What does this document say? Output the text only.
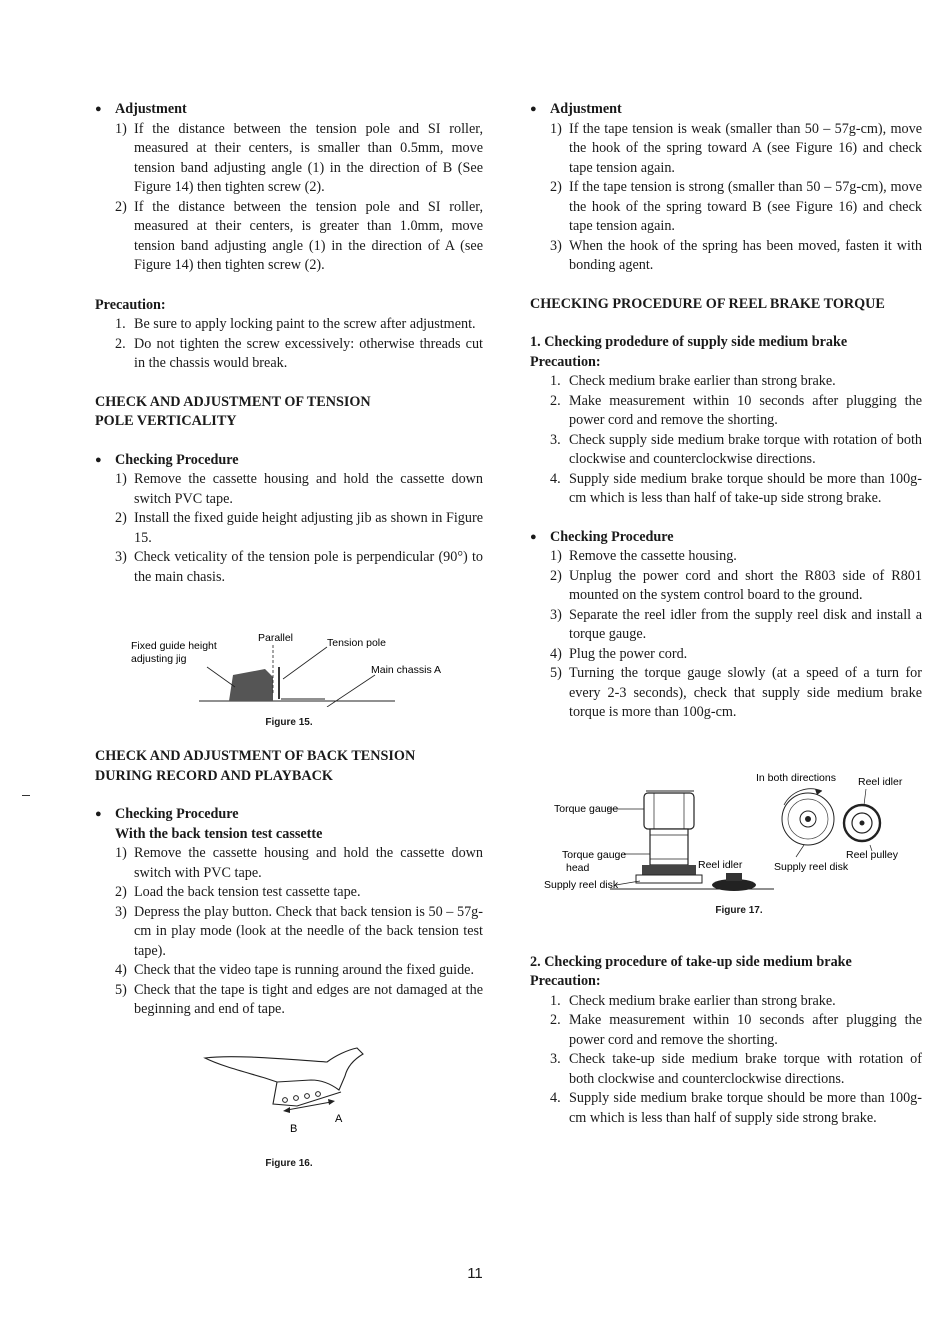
● Adjustment

1) If the distance between the tension pole and SI roller, measured at their centers, is smaller than 0.5mm, move tension band adjusting angle (1) in the direction of B (See Figure 14) then tighten screw (2).
2) If the distance between the tension pole and SI roller, measured at their centers, is greater than 1.0mm, move tension band adjusting angle (1) in the direction of A (see Figure 14) then tighten screw (2).

Precaution:

1. Be sure to apply locking paint to the screw after adjustment.
2. Do not tighten the screw excessively: otherwise threads cut in the chassis would break.

CHECK AND ADJUSTMENT OF TENSION
POLE VERTICALITY

● Checking Procedure

1) Remove the cassette housing and hold the cassette down switch PVC tape.
2) Install the fixed guide height adjusting jib as shown in Figure 15.
3) Check veticality of the tension pole is perpendicular (90°) to the main chasis.
Fixed guide height
adjusting jig
Parallel	Tension pole
Main chassis A
Figure 15.

CHECK AND ADJUSTMENT OF BACK TENSION
DURING RECORD AND PLAYBACK

● Checking Procedure

With the back tension test cassette

1) Remove the cassette housing and hold the cassette down switch with PVC tape.
2) Load the back tension test cassette tape.
3) Depress the play button. Check that back tension is 50 – 57g-cm in play mode (look at the needle of the back tension test tape).
4) Check that the video tape is running around the fixed guide.
5) Check that the tape is tight and edges are not damaged at the beginning and end of tape.
B
A
Figure 16.

● Adjustment

1) If the tape tension is weak (smaller than 50 – 57g-cm), move the hook of the spring toward A (see Figure 16) and check tape tension again.
2) If the tape tension is strong (smaller than 50 – 57g-cm), move the hook of the spring toward B (see Figure 16) and check tape tension again.
3) When the hook of the spring has been moved, fasten it with bonding agent.

CHECKING PROCEDURE OF REEL BRAKE TORQUE

1. Checking prodedure of supply side medium brake

Precaution:

1. Check medium brake earlier than strong brake.
2. Make measurement within 10 seconds after plugging the power cord and remove the shorting.
3. Check supply side medium brake torque with rotation of both clockwise and counterclockwise directions.
4. Supply side medium brake torque should be more than 100g-cm which is less than half of take-up side strong brake.

● Checking Procedure

1) Remove the cassette housing.
2) Unplug the power cord and short the R803 side of R801 mounted on the system control board to the ground.
3) Separate the reel idler from the supply reel disk and install a torque gauge.
4) Plug the power cord.
5) Turning the torque gauge slowly (at a speed of a turn for every 2-3 seconds), check that supply side medium brake torque is more than 100g-cm.
In both directions Reel idler
Torque gauge
Torque gauge
head
Supply reel disk
Reel idler
Reel pulley
Supply reel disk
Figure 17.

2. Checking procedure of take-up side medium brake

Precaution:

1. Check medium brake earlier than strong brake.
2. Make measurement within 10 seconds after plugging the power cord and remove the shorting.
3. Check take-up side medium brake torque with rotation of both clockwise and counterclockwise directions.
4. Supply side medium brake torque should be more than 100g-cm which is less than half of supply side strong brake.
11
